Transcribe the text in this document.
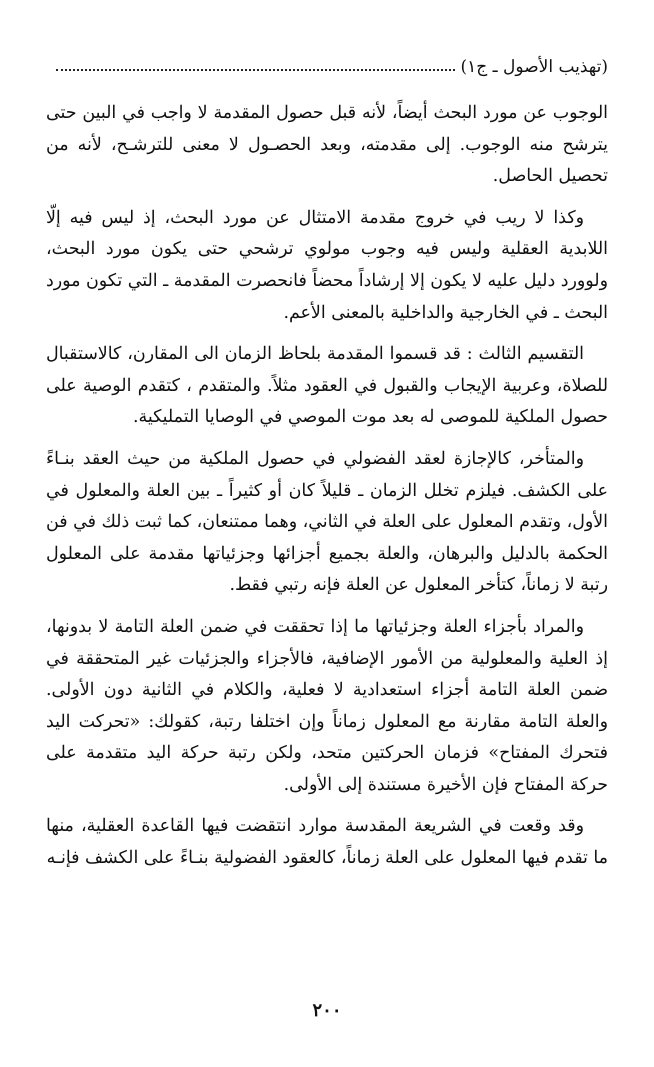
(تهذيب الأصول ـ ج١)

الوجوب عن مورد البحث أيضاً، لأنه قبل حصول المقدمة لا واجب في البين حتى يترشح منه الوجوب. إلى مقدمته، وبعد الحصـول لا معنى للترشـح، لأنه من تحصيل الحاصل.

وكذا لا ريب في خروج مقدمة الامتثال عن مورد البحث، إذ ليس فيه إلّا اللابدية العقلية وليس فيه وجوب مولوي ترشحي حتى يكون مورد البحث، ولوورد دليل عليه لا يكون إلا إرشاداً محضاً فانحصرت المقدمة ـ التي تكون مورد البحث ـ في الخارجية والداخلية بالمعنى الأعم.

التقسيم الثالث : قد قسموا المقدمة بلحاظ الزمان الى المقارن، كالاستقبال للصلاة، وعربية الإيجاب والقبول في العقود مثلاً. والمتقدم ، كتقدم الوصية على حصول الملكية للموصى له بعد موت الموصي في الوصايا التمليكية.

والمتأخر، كالإجازة لعقد الفضولي في حصول الملكية من حيث العقد بنـاءً على الكشف. فيلزم تخلل الزمان ـ قليلاً كان أو كثيراً ـ بين العلة والمعلول في الأول، وتقدم المعلول على العلة في الثاني، وهما ممتنعان، كما ثبت ذلك في فن الحكمة بالدليل والبرهان، والعلة بجميع أجزائها وجزئياتها مقدمة على المعلول رتبة لا زماناً، كتأخر المعلول عن العلة فإنه رتبي فقط.

والمراد بأجزاء العلة وجزئياتها ما إذا تحققت في ضمن العلة التامة لا بدونها، إذ العلية والمعلولية من الأمور الإضافية، فالأجزاء والجزئيات غير المتحققة في ضمن العلة التامة أجزاء استعدادية لا فعلية، والكلام في الثانية دون الأولى. والعلة التامة مقارنة مع المعلول زماناً وإن اختلفا رتبة، كقولك: «تحركت اليد فتحرك المفتاح» فزمان الحركتين متحد، ولكن رتبة حركة اليد متقدمة على حركة المفتاح فإن الأخيرة مستندة إلى الأولى.

وقد وقعت في الشريعة المقدسة موارد انتقضت فيها القاعدة العقلية، منها ما تقدم فيها المعلول على العلة زماناً، كالعقود الفضولية بنـاءً على الكشف فإنـه

٢٠٠
